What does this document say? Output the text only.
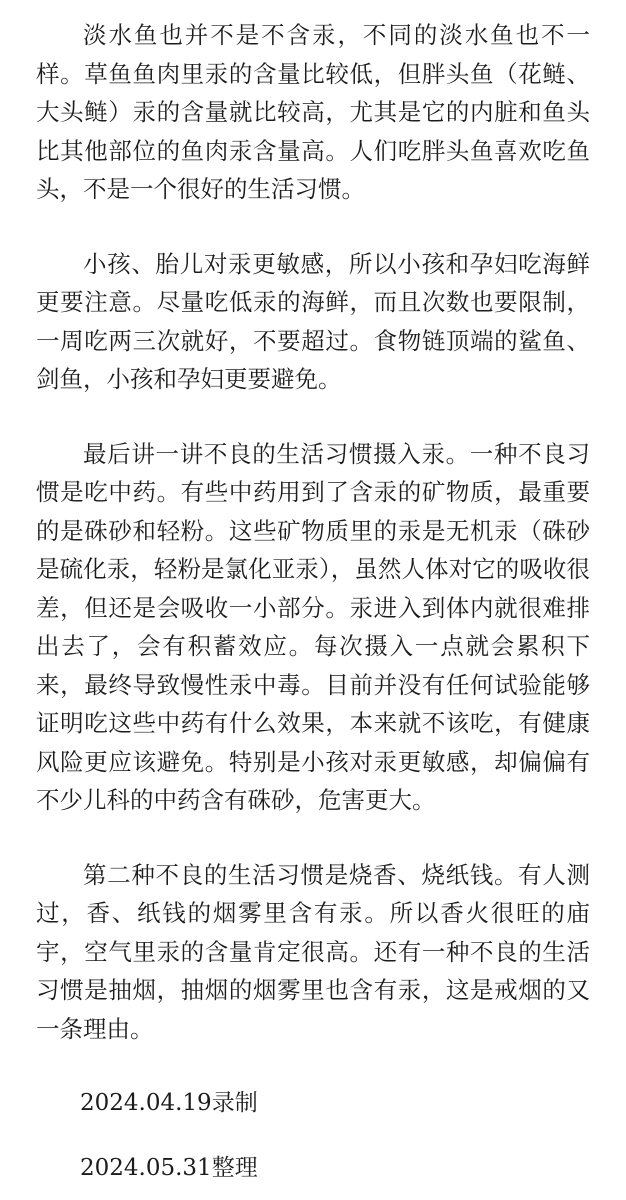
淡水鱼也并不是不含汞，不同的淡水鱼也不一样。草鱼鱼肉里汞的含量比较低，但胖头鱼（花鲢、大头鲢）汞的含量就比较高，尤其是它的内脏和鱼头比其他部位的鱼肉汞含量高。人们吃胖头鱼喜欢吃鱼头，不是一个很好的生活习惯。

小孩、胎儿对汞更敏感，所以小孩和孕妇吃海鲜更要注意。尽量吃低汞的海鲜，而且次数也要限制，一周吃两三次就好，不要超过。食物链顶端的鲨鱼、剑鱼，小孩和孕妇更要避免。

最后讲一讲不良的生活习惯摄入汞。一种不良习惯是吃中药。有些中药用到了含汞的矿物质，最重要的是硃砂和轻粉。这些矿物质里的汞是无机汞（硃砂是硫化汞，轻粉是氯化亚汞），虽然人体对它的吸收很差，但还是会吸收一小部分。汞进入到体内就很难排出去了，会有积蓄效应。每次摄入一点就会累积下来，最终导致慢性汞中毒。目前并没有任何试验能够证明吃这些中药有什么效果，本来就不该吃，有健康风险更应该避免。特别是小孩对汞更敏感，却偏偏有不少儿科的中药含有硃砂，危害更大。

第二种不良的生活习惯是烧香、烧纸钱。有人测过，香、纸钱的烟雾里含有汞。所以香火很旺的庙宇，空气里汞的含量肯定很高。还有一种不良的生活习惯是抽烟，抽烟的烟雾里也含有汞，这是戒烟的又一条理由。

2024.04.19录制

2024.05.31整理
